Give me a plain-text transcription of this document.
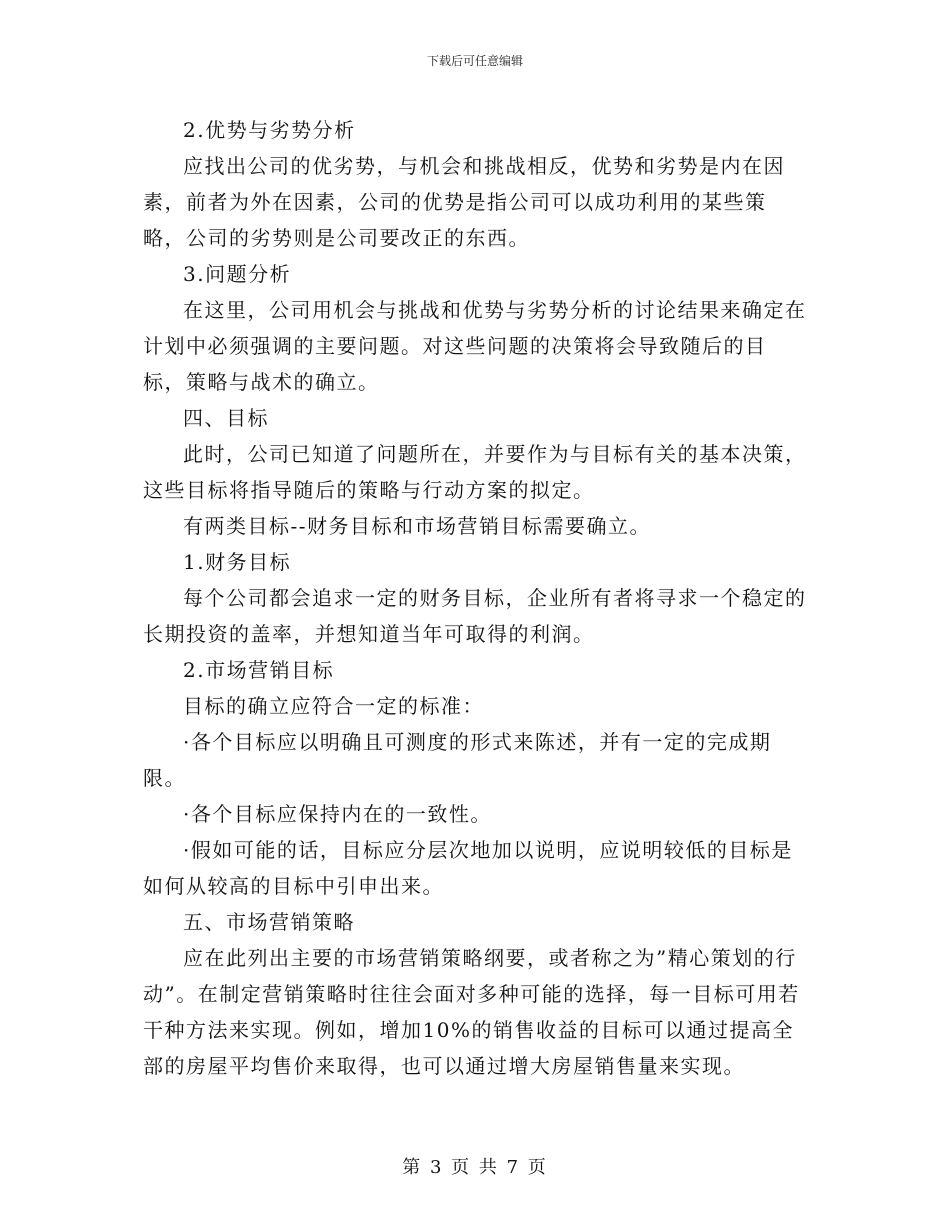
下载后可任意编辑

2.优势与劣势分析

应找出公司的优劣势，与机会和挑战相反，优势和劣势是内在因素，前者为外在因素，公司的优势是指公司可以成功利用的某些策略，公司的劣势则是公司要改正的东西。

3.问题分析

在这里，公司用机会与挑战和优势与劣势分析的讨论结果来确定在计划中必须强调的主要问题。对这些问题的决策将会导致随后的目标，策略与战术的确立。

四、目标

此时，公司已知道了问题所在，并要作为与目标有关的基本决策，这些目标将指导随后的策略与行动方案的拟定。

有两类目标--财务目标和市场营销目标需要确立。

1.财务目标

每个公司都会追求一定的财务目标，企业所有者将寻求一个稳定的长期投资的盖率，并想知道当年可取得的利润。

2.市场营销目标

目标的确立应符合一定的标准：

·各个目标应以明确且可测度的形式来陈述，并有一定的完成期限。

·各个目标应保持内在的一致性。

·假如可能的话，目标应分层次地加以说明，应说明较低的目标是如何从较高的目标中引申出来。

五、市场营销策略

应在此列出主要的市场营销策略纲要，或者称之为”精心策划的行动”。在制定营销策略时往往会面对多种可能的选择，每一目标可用若干种方法来实现。例如，增加10%的销售收益的目标可以通过提高全部的房屋平均售价来取得，也可以通过增大房屋销售量来实现。

第 3 页 共 7 页
